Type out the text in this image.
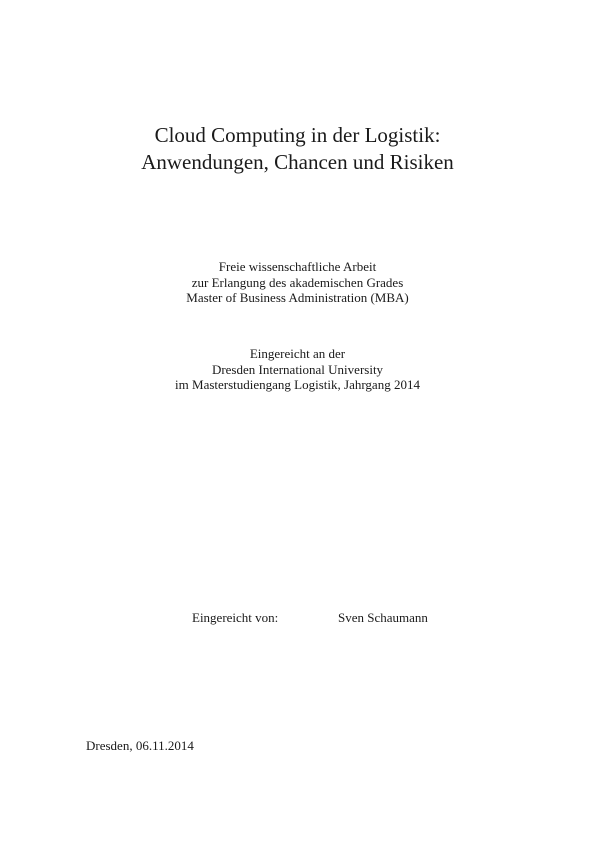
Cloud Computing in der Logistik:
Anwendungen, Chancen und Risiken
Freie wissenschaftliche Arbeit
zur Erlangung des akademischen Grades
Master of Business Administration (MBA)
Eingereicht an der
Dresden International University
im Masterstudiengang Logistik, Jahrgang 2014
Eingereicht von:	Sven Schaumann
Dresden, 06.11.2014
